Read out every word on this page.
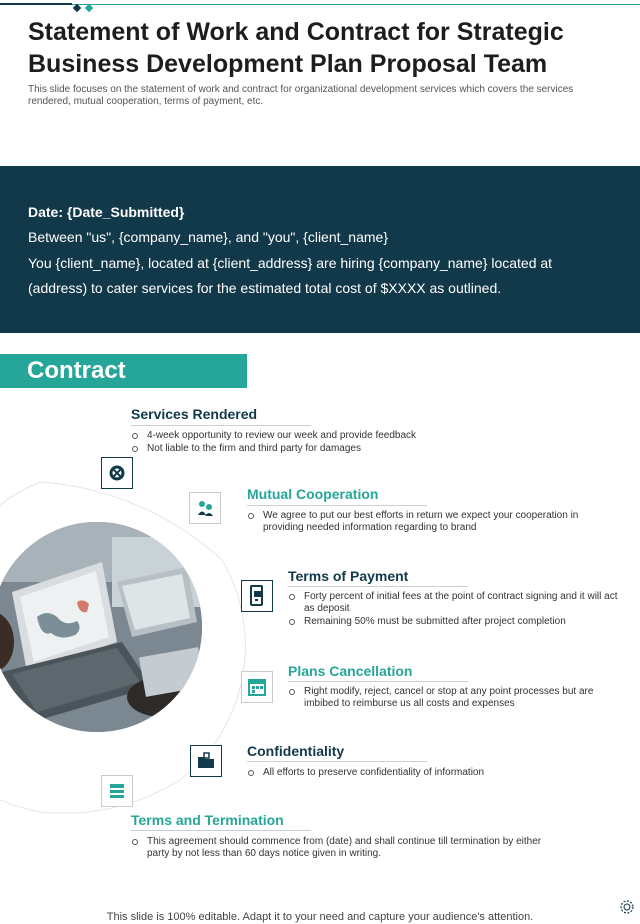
Statement of Work and Contract for Strategic
Business Development Plan Proposal Team
This slide focuses on the statement of work and contract for organizational development services which covers the services rendered, mutual cooperation, terms of payment, etc.
Date: {Date_Submitted}
Between "us", {company_name}, and "you", {client_name}
You {client_name}, located at {client_address} are hiring {company_name} located at
(address) to cater services for the estimated total cost of $XXXX as outlined.
Contract
Services Rendered
4-week opportunity to review our week and provide feedback
Not liable to the firm and third party for damages
Mutual Cooperation
We agree to put our best efforts in return we expect your cooperation in providing needed information regarding to brand
Terms of Payment
Forty percent of initial fees at the point of contract signing and it will act as deposit
Remaining 50% must be submitted after project completion
Plans Cancellation
Right modify, reject, cancel or stop at any point processes but are imbibed to reimburse us all costs and expenses
Confidentiality
All efforts to preserve confidentiality of information
Terms and Termination
This agreement should commence from (date) and shall continue till termination by either party by not less than 60 days notice given in writing.
This slide is 100% editable. Adapt it to your need and capture your audience's attention.
